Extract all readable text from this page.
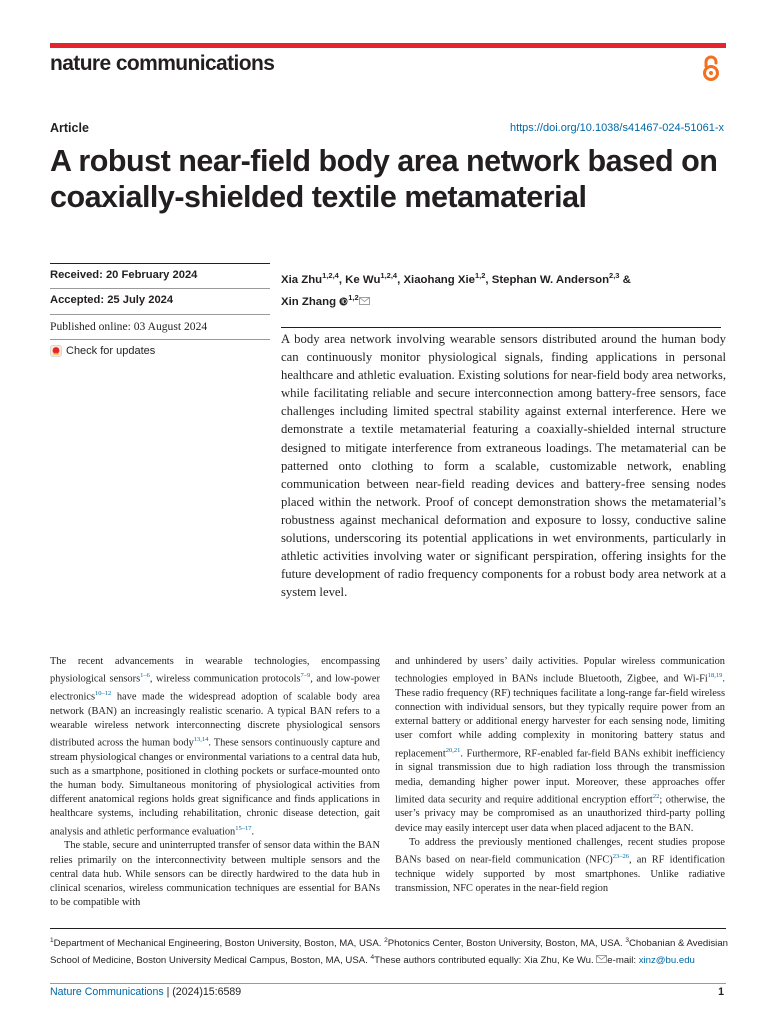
nature communications
Article	https://doi.org/10.1038/s41467-024-51061-x
A robust near-field body area network based on coaxially-shielded textile metamaterial
Received: 20 February 2024
Accepted: 25 July 2024
Published online: 03 August 2024
Check for updates
Xia Zhu$^{1,2,4}$, Ke Wu$^{1,2,4}$, Xiaohang Xie$^{1,2}$, Stephan W. Anderson$^{2,3}$ &
Xin Zhang $^{1,2}$

A body area network involving wearable sensors distributed around the human body can continuously monitor physiological signals, finding applications in personal healthcare and athletic evaluation. Existing solutions for near-field body area networks, while facilitating reliable and secure interconnection among battery-free sensors, face challenges including limited spectral stability against external interference. Here we demonstrate a textile metamaterial featuring a coaxially-shielded internal structure designed to mitigate interference from extraneous loadings. The metamaterial can be patterned onto clothing to form a scalable, customizable network, enabling communication between near-field reading devices and battery-free sensing nodes placed within the network. Proof of concept demonstration shows the metamaterial’s robustness against mechanical deformation and exposure to lossy, conductive saline solutions, underscoring its potential applications in wet environments, particularly in athletic activities involving water or significant perspiration, offering insights for the future development of radio frequency components for a robust body area network at a system level.

The recent advancements in wearable technologies, encompassing physiological sensors$^{1-6}$, wireless communication protocols$^{7-9}$, and low-power electronics$^{10-12}$ have made the widespread adoption of scalable body area network (BAN) an increasingly realistic scenario. A typical BAN refers to a wearable wireless network interconnecting discrete physiological sensors distributed across the human body$^{13,14}$. These sensors continuously capture and stream physiological changes or environmental variations to a central data hub, such as a smartphone, positioned in clothing pockets or surface-mounted onto the human body. Simultaneous monitoring of physiological activities from different anatomical regions holds great significance and finds applications in healthcare systems, including rehabilitation, chronic disease detection, gait analysis and athletic performance evaluation$^{15-17}$.

The stable, secure and uninterrupted transfer of sensor data within the BAN relies primarily on the interconnectivity between multiple sensors and the central data hub. While sensors can be directly hardwired to the data hub in clinical scenarios, wireless communication techniques are essential for BANs to be compatible with

and unhindered by users’ daily activities. Popular wireless communication technologies employed in BANs include Bluetooth, Zigbee, and Wi-Fi$^{18,19}$. These radio frequency (RF) techniques facilitate a long-range far-field wireless connection with individual sensors, but they typically require power from an external battery or additional energy harvester for each sensing node, limiting user comfort while adding complexity in monitoring battery status and replacement$^{20,21}$. Furthermore, RF-enabled far-field BANs exhibit inefficiency in signal transmission due to high radiation loss through the transmission media, demanding higher power input. Moreover, these approaches offer limited data security and require additional encryption effort$^{22}$; otherwise, the user’s privacy may be compromised as an unauthorized third-party polling device may easily intercept user data when placed adjacent to the BAN.

To address the previously mentioned challenges, recent studies propose BANs based on near-field communication (NFC)$^{23-26}$, an RF identification technique widely supported by most smartphones. Unlike radiative transmission, NFC operates in the near-field region

$^1$Department of Mechanical Engineering, Boston University, Boston, MA, USA. $^2$Photonics Center, Boston University, Boston, MA, USA. $^3$Chobanian & Avedisian School of Medicine, Boston University Medical Campus, Boston, MA, USA. $^4$These authors contributed equally: Xia Zhu, Ke Wu. e-mail: xinz@bu.edu
Nature Communications | (2024)15:6589	1
